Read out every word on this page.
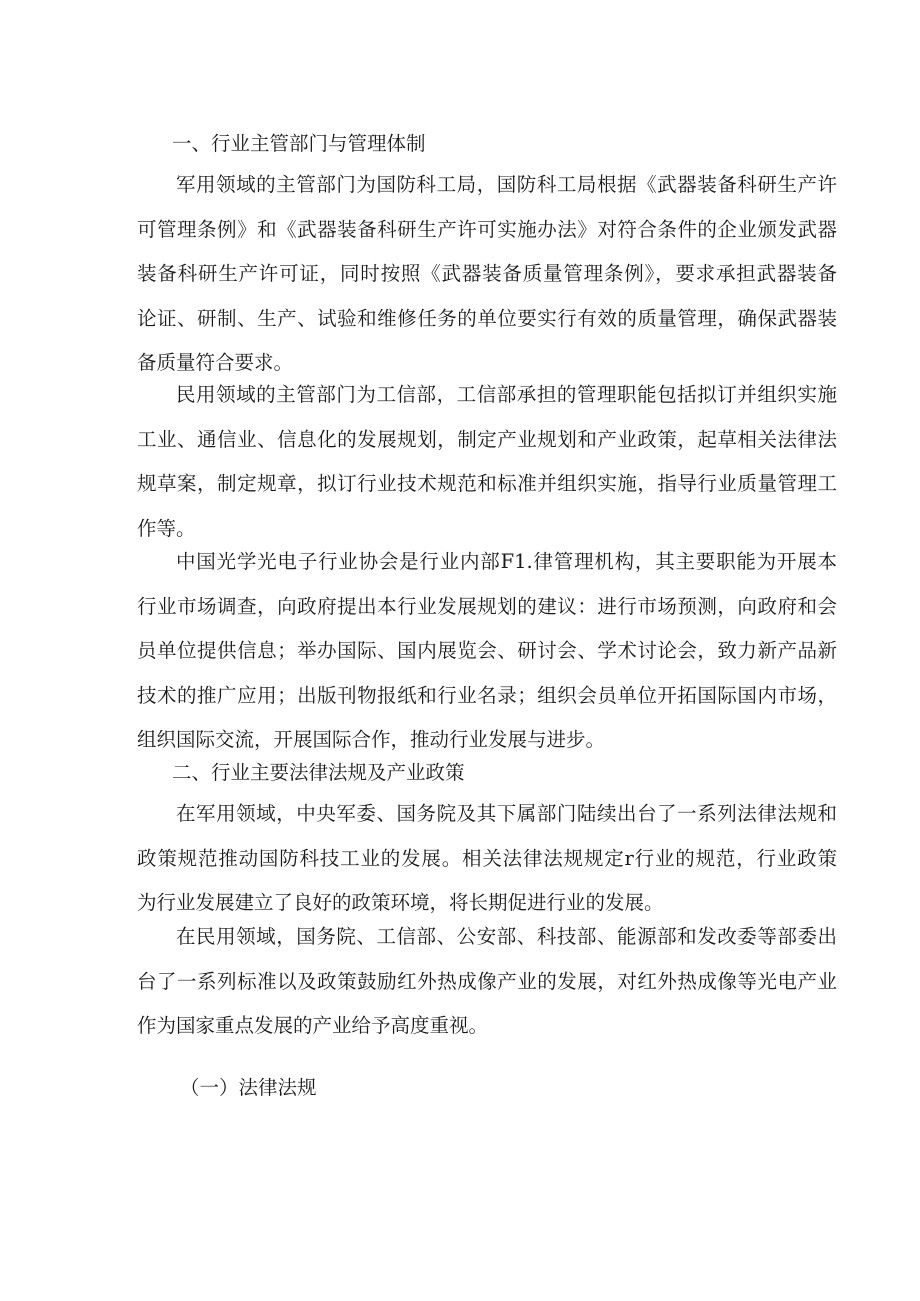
一、行业主管部门与管理体制
军用领域的主管部门为国防科工局，国防科工局根据《武器装备科研生产许
可管理条例》和《武器装备科研生产许可实施办法》对符合条件的企业颁发武器
装备科研生产许可证，同时按照《武器装备质量管理条例》，要求承担武器装备
论证、研制、生产、试验和维修任务的单位要实行有效的质量管理，确保武器装
备质量符合要求。
民用领域的主管部门为工信部，工信部承担的管理职能包括拟订并组织实施
工业、通信业、信息化的发展规划，制定产业规划和产业政策，起草相关法律法
规草案，制定规章，拟订行业技术规范和标准并组织实施，指导行业质量管理工
作等。
中国光学光电子行业协会是行业内部F1.律管理机构，其主要职能为开展本
行业市场调查，向政府提出本行业发展规划的建议：进行市场预测，向政府和会
员单位提供信息；举办国际、国内展览会、研讨会、学术讨论会，致力新产品新
技术的推广应用；出版刊物报纸和行业名录；组织会员单位开拓国际国内市场，
组织国际交流，开展国际合作，推动行业发展与进步。
二、行业主要法律法规及产业政策
在军用领域，中央军委、国务院及其下属部门陆续出台了一系列法律法规和
政策规范推动国防科技工业的发展。相关法律法规规定r行业的规范，行业政策
为行业发展建立了良好的政策环境，将长期促进行业的发展。
在民用领域，国务院、工信部、公安部、科技部、能源部和发改委等部委出
台了一系列标准以及政策鼓励红外热成像产业的发展，对红外热成像等光电产业
作为国家重点发展的产业给予高度重视。
（一）法律法规
